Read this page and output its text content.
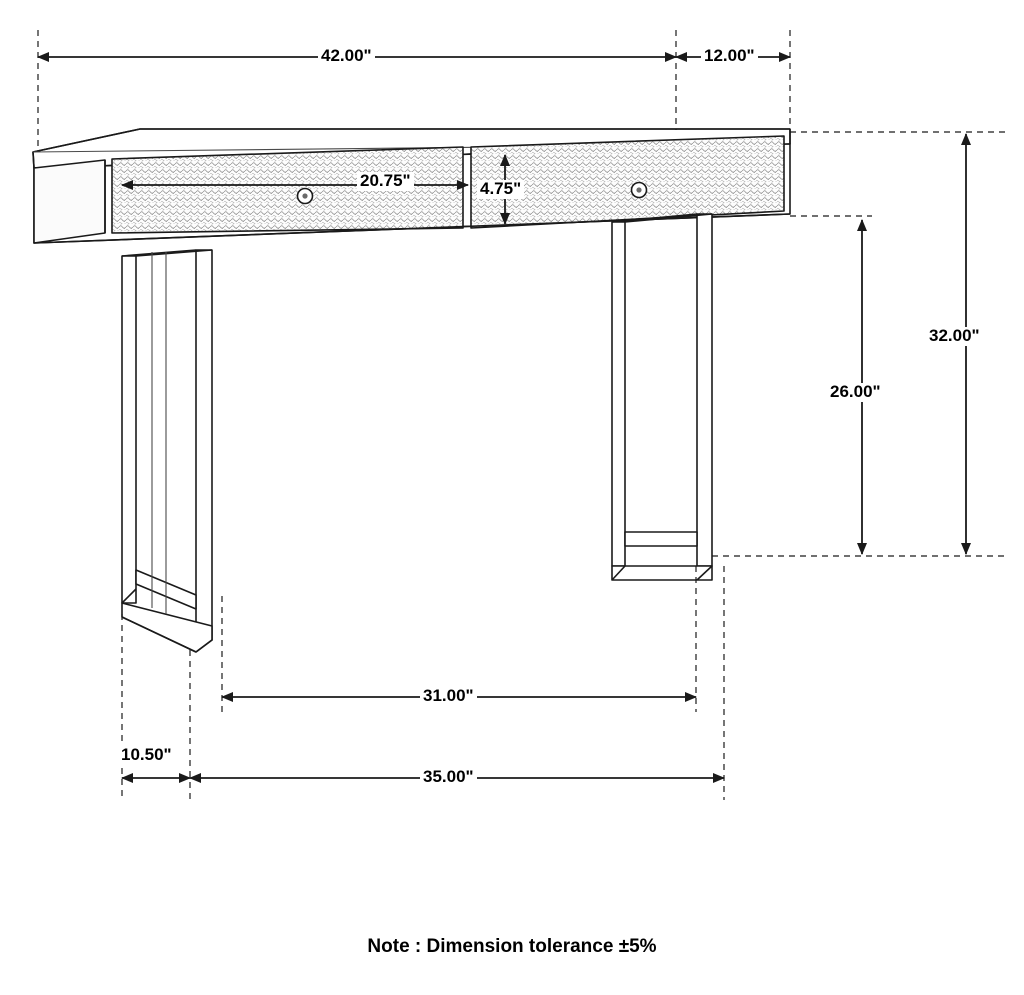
42.00"	12.00"
20.75"	4.75"
32.00"
26.00"
31.00"
35.00"
10.50"
Note : Dimension tolerance ±5%
